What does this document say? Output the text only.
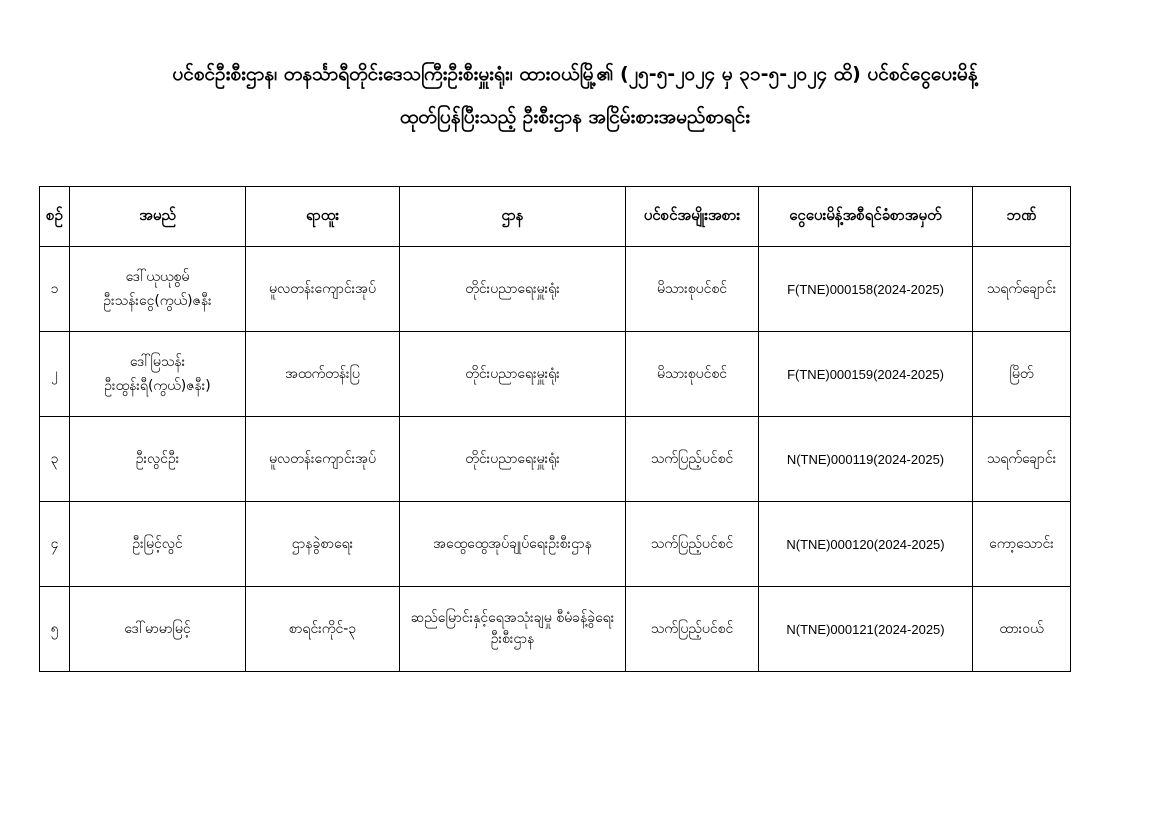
ပင်စင်ဦးစီးဌာန၊ တနင်္သာရီတိုင်းဒေသကြီးဦးစီးမှူးရုံး၊ ထားဝယ်မြို့၏ (၂၅-၅-၂၀၂၄ မှ ၃၁-၅-၂၀၂၄ ထိ) ပင်စင်ငွေပေးမိန့်
ထုတ်ပြန်ပြီးသည့် ဦးစီးဌာန အငြိမ်းစားအမည်စာရင်း
စဉ်	အမည်	ရာထူး	ဌာန	ပင်စင်အမျိုးအစား	ငွေပေးမိန့်အစီရင်ခံစာအမှတ်	ဘဏ်
၁	ဒေါ်ယုယုစွမ်
ဦးသန်းငွေ(ကွယ်)ဇနီး	မူလတန်းကျောင်းအုပ်	တိုင်းပညာရေးမှူးရုံး	မိသားစုပင်စင်	F(TNE)000158(2024-2025)	သရက်ချောင်း
၂	ဒေါ်မြသန်း
ဦးထွန်းရီ(ကွယ်)ဇနီး)	အထက်တန်းပြ	တိုင်းပညာရေးမှူးရုံး	မိသားစုပင်စင်	F(TNE)000159(2024-2025)	မြိတ်
၃	ဦးလွင်ဦး	မူလတန်းကျောင်းအုပ်	တိုင်းပညာရေးမှူးရုံး	သက်ပြည့်ပင်စင်	N(TNE)000119(2024-2025)	သရက်ချောင်း
၄	ဦးမြင့်လွင်	ဌာနခွဲစာရေး	အထွေထွေအုပ်ချုပ်ရေးဦးစီးဌာန	သက်ပြည့်ပင်စင်	N(TNE)000120(2024-2025)	ကော့သောင်း
၅	ဒေါ်မာမာမြင့်	စာရင်းကိုင်-၃	ဆည်မြောင်းနှင့်ရေအသုံးချမှု စီမံခန့်ခွဲရေးဦးစီးဌာန	သက်ပြည့်ပင်စင်	N(TNE)000121(2024-2025)	ထားဝယ်
